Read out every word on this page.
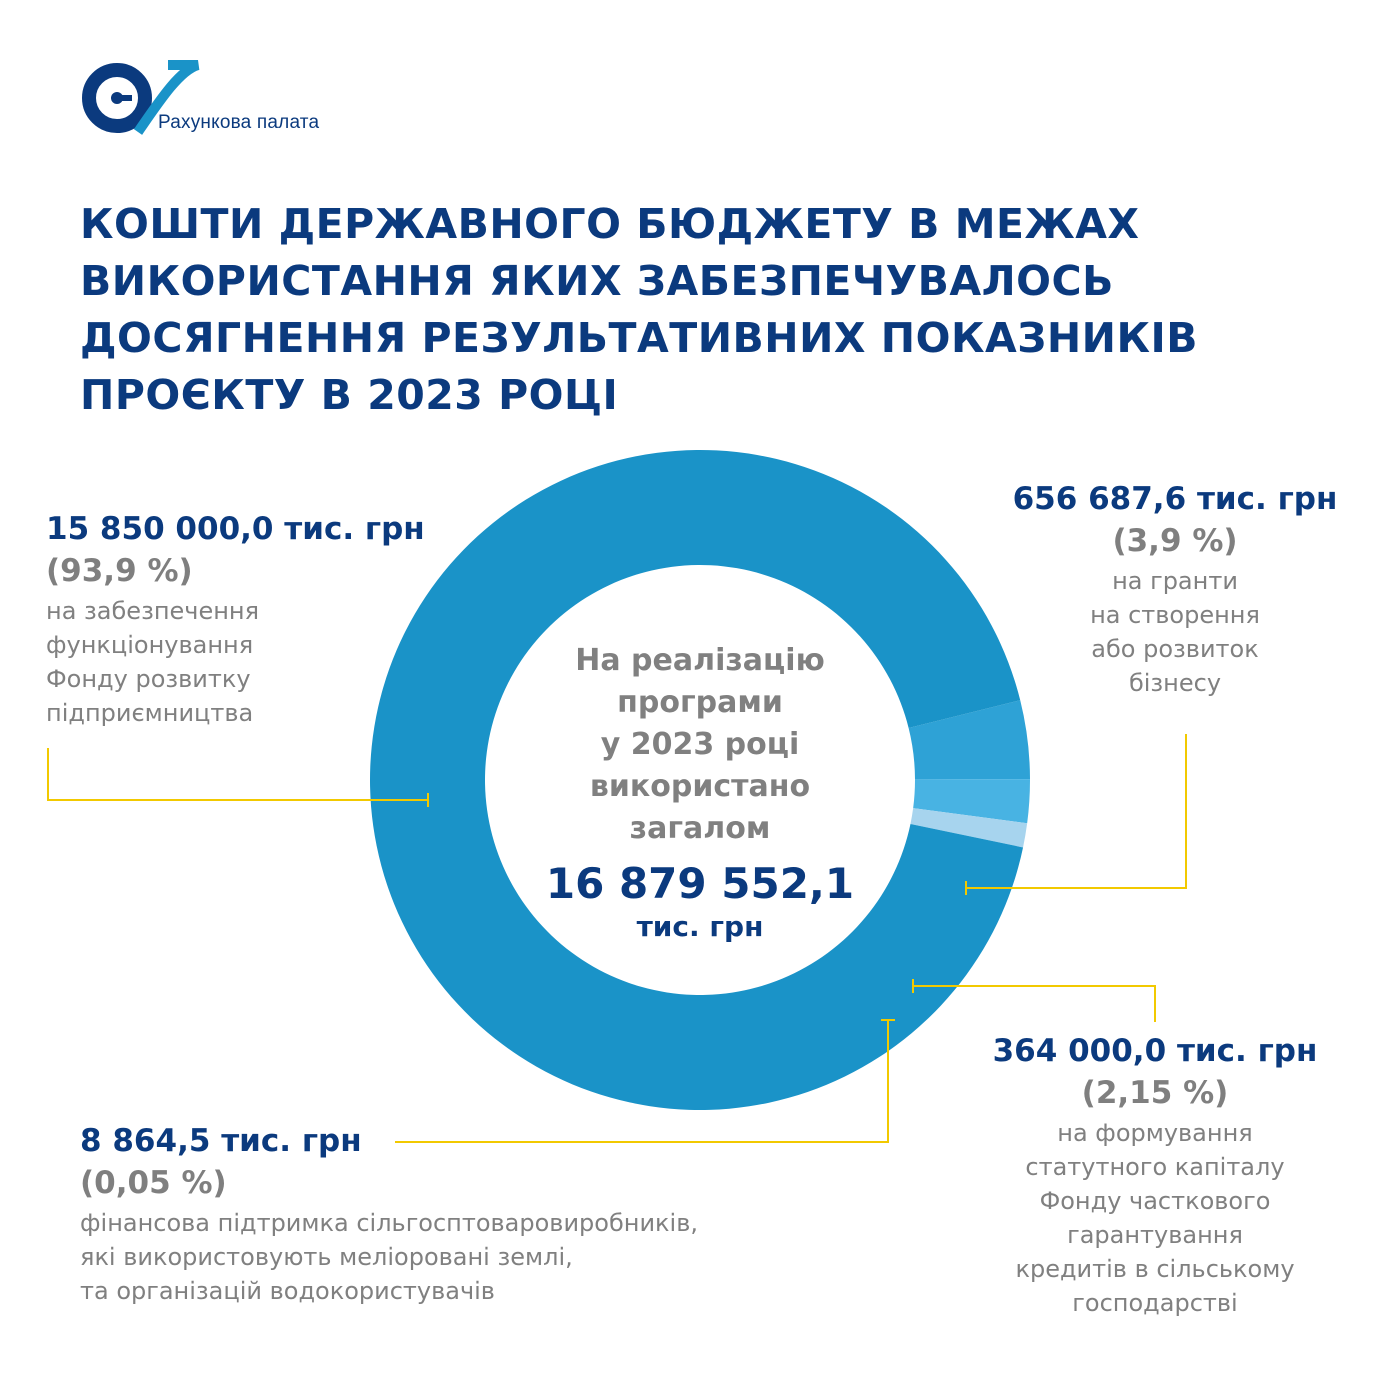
Рахункова палата
КОШТИ ДЕРЖАВНОГО БЮДЖЕТУ В МЕЖАХ
ВИКОРИСТАННЯ ЯКИХ ЗАБЕЗПЕЧУВАЛОСЬ
ДОСЯГНЕННЯ РЕЗУЛЬТАТИВНИХ ПОКАЗНИКІВ
ПРОЄКТУ В 2023 РОЦІ
На реалізацію
програми
у 2023 році
використано
загалом
16 879 552,1
тис. грн
15 850 000,0 тис. грн
(93,9 %)
на забезпечення
функціонування
Фонду розвитку
підприємництва
656 687,6 тис. грн
(3,9 %)
на гранти
на створення
або розвиток
бізнесу
364 000,0 тис. грн
(2,15 %)
на формування
статутного капіталу
Фонду часткового
гарантування
кредитів в сільському
господарстві
8 864,5 тис. грн
(0,05 %)
фінансова підтримка сільгосптоваровиробників,
які використовують меліоровані землі,
та організацій водокористувачів
